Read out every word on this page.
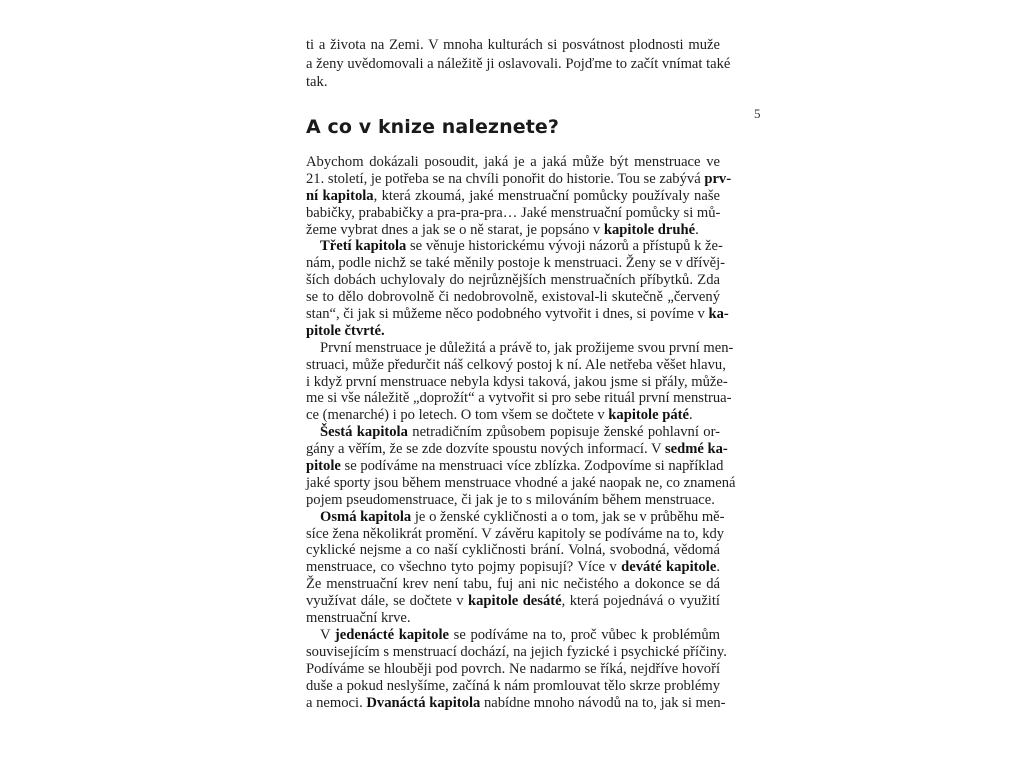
ti a života na Zemi. V mnoha kulturách si posvátnost plodnosti muže
a ženy uvědomovali a náležitě ji oslavovali. Pojďme to začít vnímat také
tak.
A co v knize naleznete?
5
Abychom dokázali posoudit, jaká je a jaká může být menstruace ve
21. století, je potřeba se na chvíli ponořit do historie. Tou se zabývá prv-
ní kapitola, která zkoumá, jaké menstruační pomůcky používaly naše
babičky, prababičky a pra-pra-pra… Jaké menstruační pomůcky si mů-
žeme vybrat dnes a jak se o ně starat, je popsáno v kapitole druhé.
Třetí kapitola se věnuje historickému vývoji názorů a přístupů k že-
nám, podle nichž se také měnily postoje k menstruaci. Ženy se v dřívěj-
ších dobách uchylovaly do nejrůznějších menstruačních příbytků. Zda
se to dělo dobrovolně či nedobrovolně, existoval-li skutečně „červený
stan“, či jak si můžeme něco podobného vytvořit i dnes, si povíme v ka-
pitole čtvrté.
První menstruace je důležitá a právě to, jak prožijeme svou první men-
struaci, může předurčit náš celkový postoj k ní. Ale netřeba věšet hlavu,
i když první menstruace nebyla kdysi taková, jakou jsme si přály, může-
me si vše náležitě „doprožít“ a vytvořit si pro sebe rituál první menstrua-
ce (menarché) i po letech. O tom všem se dočtete v kapitole páté.
Šestá kapitola netradičním způsobem popisuje ženské pohlavní or-
gány a věřím, že se zde dozvíte spoustu nových informací. V sedmé ka-
pitole se podíváme na menstruaci více zblízka. Zodpovíme si například
jaké sporty jsou během menstruace vhodné a jaké naopak ne, co znamená
pojem pseudomenstruace, či jak je to s milováním během menstruace.
Osmá kapitola je o ženské cykličnosti a o tom, jak se v průběhu mě-
síce žena několikrát promění. V závěru kapitoly se podíváme na to, kdy
cyklické nejsme a co naší cykličnosti brání. Volná, svobodná, vědomá
menstruace, co všechno tyto pojmy popisují? Více v deváté kapitole.
Že menstruační krev není tabu, fuj ani nic nečistého a dokonce se dá
využívat dále, se dočtete v kapitole desáté, která pojednává o využití
menstruační krve.
V jedenácté kapitole se podíváme na to, proč vůbec k problémům
souvisejícím s menstruací dochází, na jejich fyzické i psychické příčiny.
Podíváme se hlouběji pod povrch. Ne nadarmo se říká, nejdříve hovoří
duše a pokud neslyšíme, začíná k nám promlouvat tělo skrze problémy
a nemoci. Dvanáctá kapitola nabídne mnoho návodů na to, jak si men-
